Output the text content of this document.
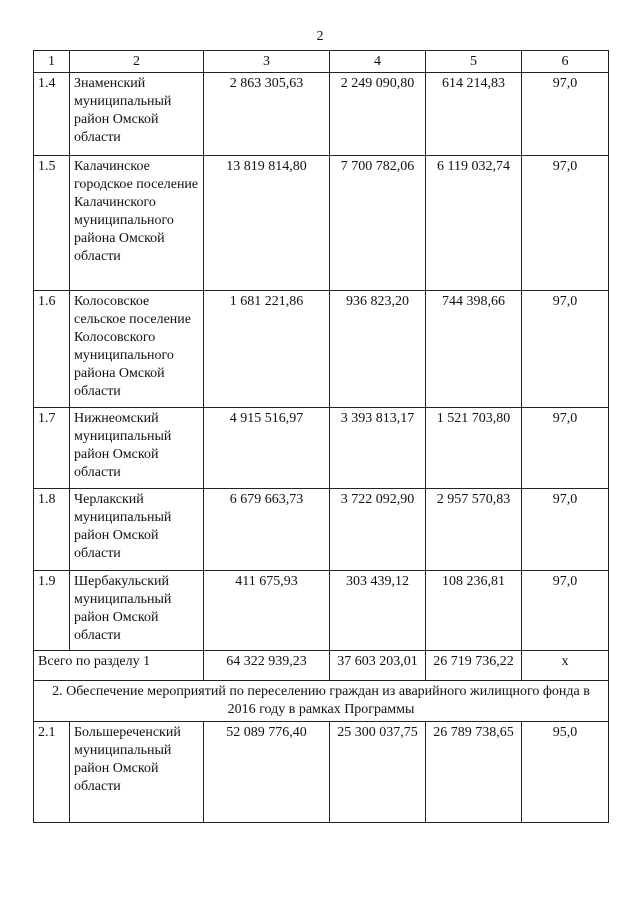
2
1	2	3	4	5	6
1.4	Знаменский муниципальный район Омской области	2 863 305,63	2 249 090,80	614 214,83	97,0
1.5	Калачинское городское поселение Калачинского муниципального района Омской области	13 819 814,80	7 700 782,06	6 119 032,74	97,0
1.6	Колосовское сельское поселение Колосовского муниципального района Омской области	1 681 221,86	936 823,20	744 398,66	97,0
1.7	Нижнеомский муниципальный район Омской области	4 915 516,97	3 393 813,17	1 521 703,80	97,0
1.8	Черлакский муниципальный район Омской области	6 679 663,73	3 722 092,90	2 957 570,83	97,0
1.9	Шербакульский муниципальный район Омской области	411 675,93	303 439,12	108 236,81	97,0
Всего по разделу 1		64 322 939,23	37 603 203,01	26 719 736,22	х
2. Обеспечение мероприятий по переселению граждан из аварийного жилищного фонда в 2016 году в рамках Программы					
2.1	Большереченский муниципальный район Омской области	52 089 776,40	25 300 037,75	26 789 738,65	95,0
